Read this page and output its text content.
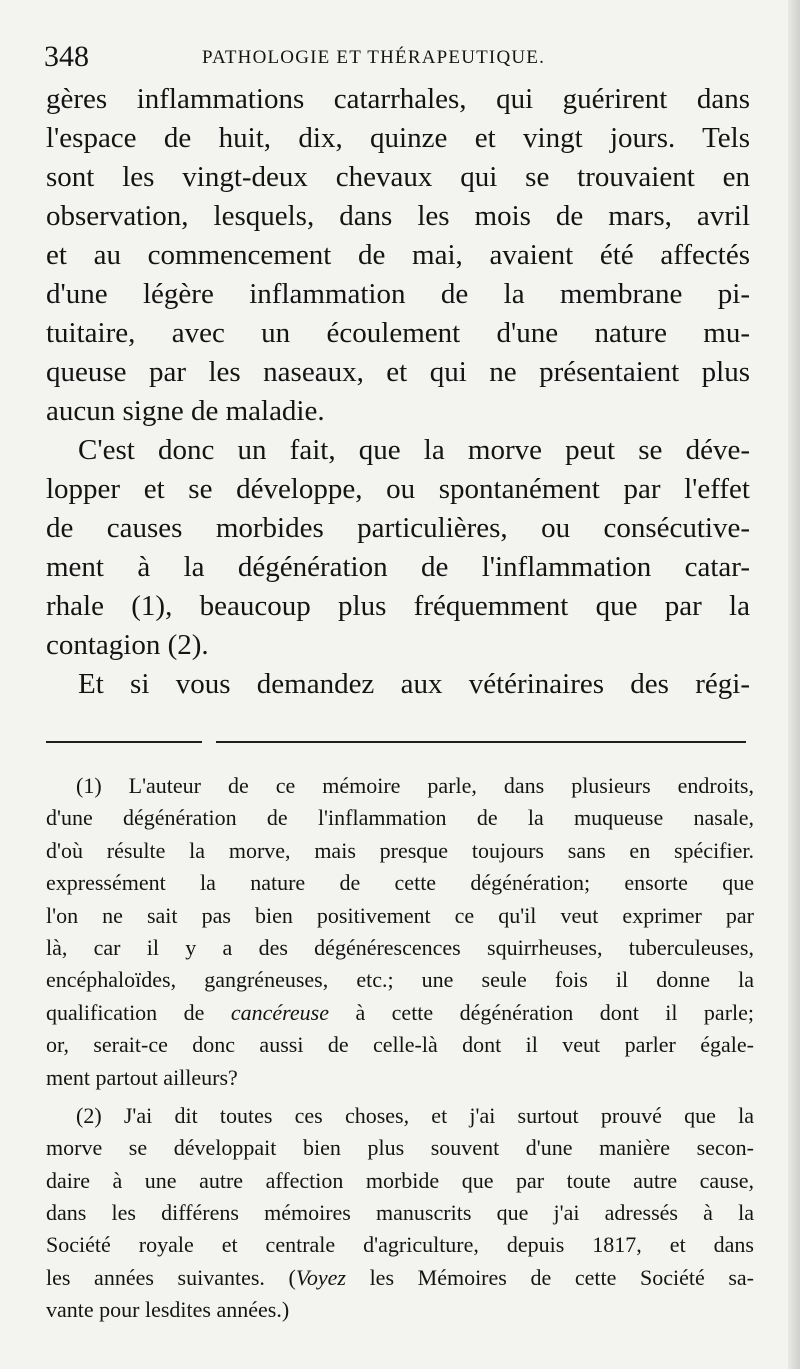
348	PATHOLOGIE ET THÉRAPEUTIQUE.
gères inflammations catarrhales, qui guérirent dans
l'espace de huit, dix, quinze et vingt jours. Tels
sont les vingt-deux chevaux qui se trouvaient en
observation, lesquels, dans les mois de mars, avril
et au commencement de mai, avaient été affectés
d'une légère inflammation de la membrane pi-
tuitaire, avec un écoulement d'une nature mu-
queuse par les naseaux, et qui ne présentaient plus
aucun signe de maladie.
C'est donc un fait, que la morve peut se déve-
lopper et se développe, ou spontanément par l'effet
de causes morbides particulières, ou consécutive-
ment à la dégénération de l'inflammation catar-
rhale (1), beaucoup plus fréquemment que par la
contagion (2).
Et si vous demandez aux vétérinaires des régi-
(1) L'auteur de ce mémoire parle, dans plusieurs endroits,
d'une dégénération de l'inflammation de la muqueuse nasale,
d'où résulte la morve, mais presque toujours sans en spécifier.
expressément la nature de cette dégénération; ensorte que
l'on ne sait pas bien positivement ce qu'il veut exprimer par
là, car il y a des dégénérescences squirrheuses, tuberculeuses,
encéphaloïdes, gangréneuses, etc.; une seule fois il donne la
qualification de cancéreuse à cette dégénération dont il parle;
or, serait-ce donc aussi de celle-là dont il veut parler égale-
ment partout ailleurs?
(2) J'ai dit toutes ces choses, et j'ai surtout prouvé que la
morve se développait bien plus souvent d'une manière secon-
daire à une autre affection morbide que par toute autre cause,
dans les différens mémoires manuscrits que j'ai adressés à la
Société royale et centrale d'agriculture, depuis 1817, et dans
les années suivantes. (Voyez les Mémoires de cette Société sa-
vante pour lesdites années.)
